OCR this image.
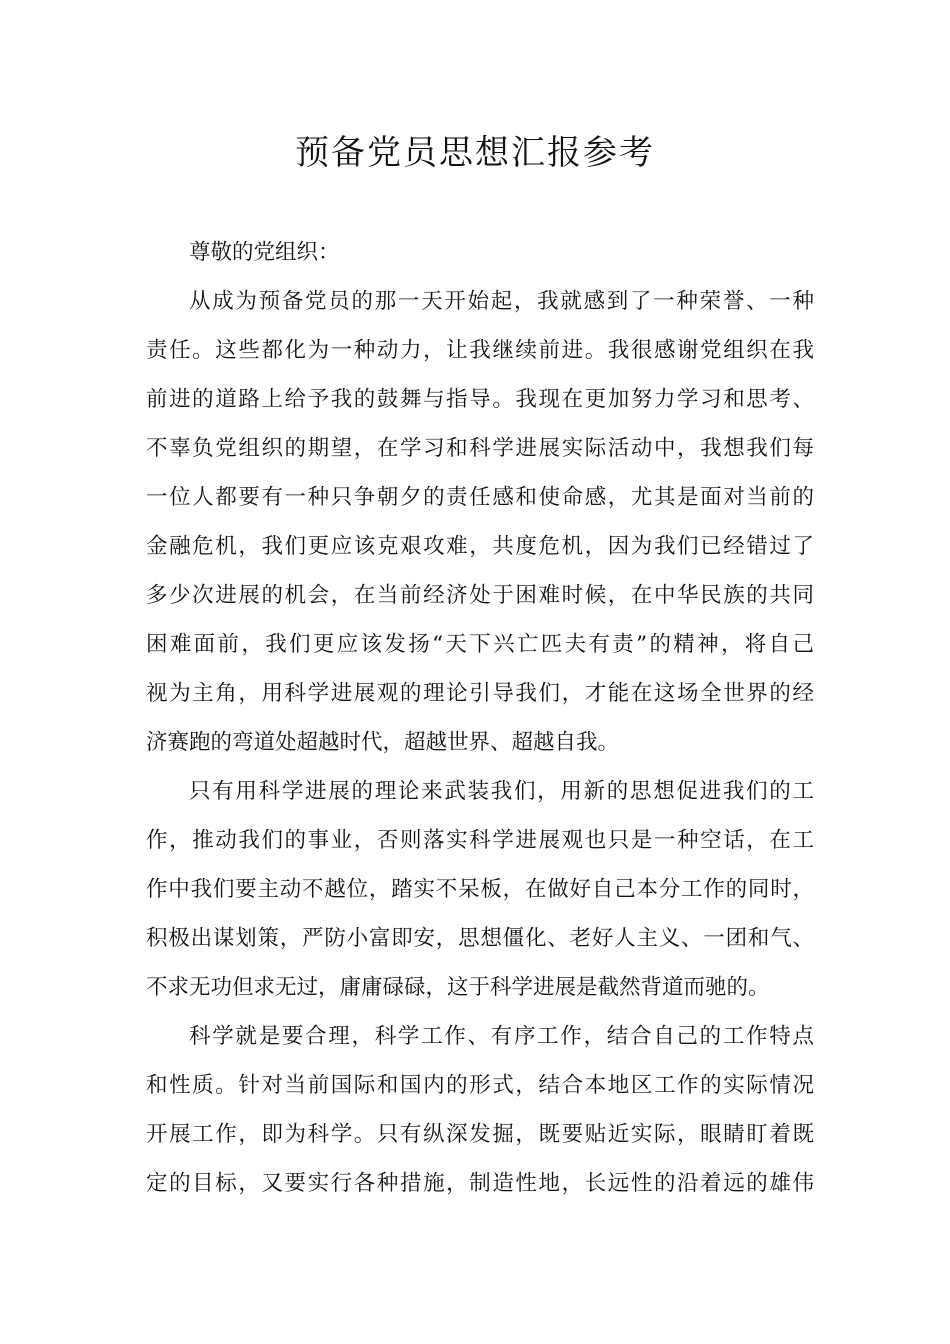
预备党员思想汇报参考
尊敬的党组织：
从成为预备党员的那一天开始起，我就感到了一种荣誉、一种
责任。这些都化为一种动力，让我继续前进。我很感谢党组织在我
前进的道路上给予我的鼓舞与指导。我现在更加努力学习和思考、
不辜负党组织的期望，在学习和科学进展实际活动中，我想我们每
一位人都要有一种只争朝夕的责任感和使命感，尤其是面对当前的
金融危机，我们更应该克艰攻难，共度危机，因为我们已经错过了
多少次进展的机会，在当前经济处于困难时候，在中华民族的共同
困难面前，我们更应该发扬“天下兴亡匹夫有责”的精神，将自己
视为主角，用科学进展观的理论引导我们，才能在这场全世界的经
济赛跑的弯道处超越时代，超越世界、超越自我。
只有用科学进展的理论来武装我们，用新的思想促进我们的工
作，推动我们的事业，否则落实科学进展观也只是一种空话，在工
作中我们要主动不越位，踏实不呆板，在做好自己本分工作的同时，
积极出谋划策，严防小富即安，思想僵化、老好人主义、一团和气、
不求无功但求无过，庸庸碌碌，这于科学进展是截然背道而驰的。
科学就是要合理，科学工作、有序工作，结合自己的工作特点
和性质。针对当前国际和国内的形式，结合本地区工作的实际情况
开展工作，即为科学。只有纵深发掘，既要贴近实际，眼睛盯着既
定的目标，又要实行各种措施，制造性地，长远性的沿着远的雄伟
